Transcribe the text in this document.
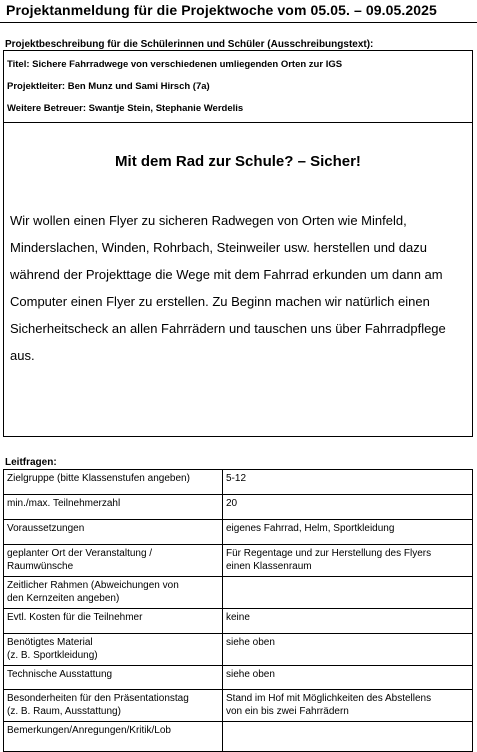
Projektanmeldung für die Projektwoche vom 05.05. – 09.05.2025
Projektbeschreibung für die Schülerinnen und Schüler (Ausschreibungstext):
Titel: Sichere Fahrradwege von verschiedenen umliegenden Orten zur IGS
Projektleiter: Ben Munz und Sami Hirsch (7a)
Weitere Betreuer: Swantje Stein, Stephanie Werdelis
Mit dem Rad zur Schule? – Sicher!
Wir wollen einen Flyer zu sicheren Radwegen von Orten wie Minfeld,
Minderslachen, Winden, Rohrbach, Steinweiler usw. herstellen und dazu
während der Projekttage die Wege mit dem Fahrrad erkunden um dann am
Computer einen Flyer zu erstellen. Zu Beginn machen wir natürlich einen
Sicherheitscheck an allen Fahrrädern und tauschen uns über Fahrradpflege
aus.
Leitfragen:
Zielgruppe (bitte Klassenstufen angeben)	5-12
min./max. Teilnehmerzahl	20
Voraussetzungen	eigenes Fahrrad, Helm, Sportkleidung
geplanter Ort der Veranstaltung /
Raumwünsche	Für Regentage und zur Herstellung des Flyers
einen Klassenraum
Zeitlicher Rahmen (Abweichungen von
den Kernzeiten angeben)	
Evtl. Kosten für die Teilnehmer	keine
Benötigtes Material
(z. B. Sportkleidung)	siehe oben
Technische Ausstattung	siehe oben
Besonderheiten für den Präsentationstag
(z. B. Raum, Ausstattung)	Stand im Hof mit Möglichkeiten des Abstellens
von ein bis zwei Fahrrädern
Bemerkungen/Anregungen/Kritik/Lob	
